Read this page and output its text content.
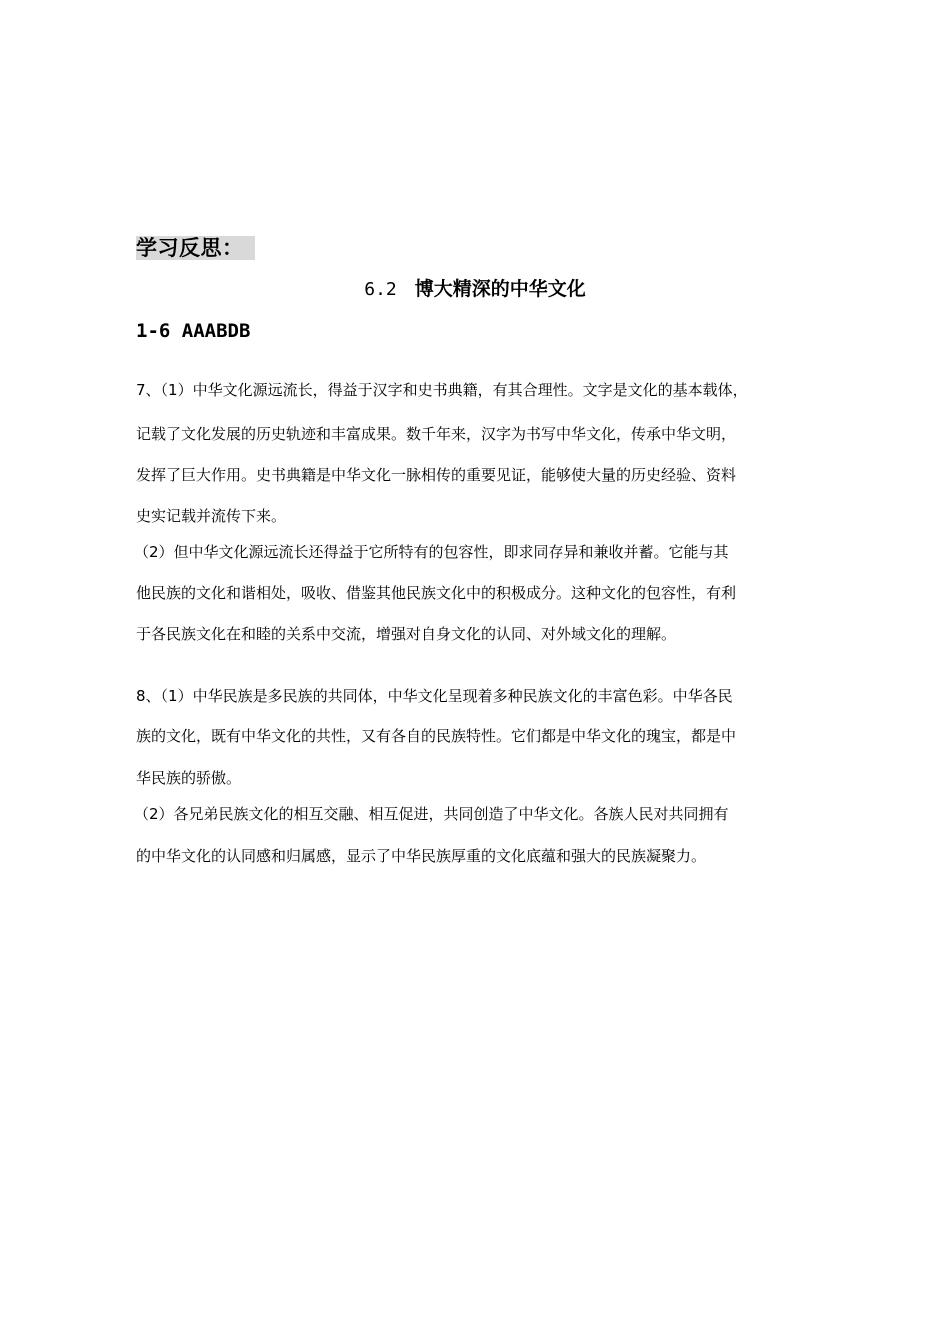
学习反思：
6.2 博大精深的中华文化
1-6 AAABDB
7、（1）中华文化源远流长，得益于汉字和史书典籍，有其合理性。文字是文化的基本载体，
记载了文化发展的历史轨迹和丰富成果。数千年来，汉字为书写中华文化，传承中华文明，
发挥了巨大作用。史书典籍是中华文化一脉相传的重要见证，能够使大量的历史经验、资料
史实记载并流传下来。
（2）但中华文化源远流长还得益于它所特有的包容性，即求同存异和兼收并蓄。它能与其
他民族的文化和谐相处，吸收、借鉴其他民族文化中的积极成分。这种文化的包容性，有利
于各民族文化在和睦的关系中交流，增强对自身文化的认同、对外域文化的理解。
8、（1）中华民族是多民族的共同体，中华文化呈现着多种民族文化的丰富色彩。中华各民
族的文化，既有中华文化的共性，又有各自的民族特性。它们都是中华文化的瑰宝，都是中
华民族的骄傲。
（2）各兄弟民族文化的相互交融、相互促进，共同创造了中华文化。各族人民对共同拥有
的中华文化的认同感和归属感，显示了中华民族厚重的文化底蕴和强大的民族凝聚力。
